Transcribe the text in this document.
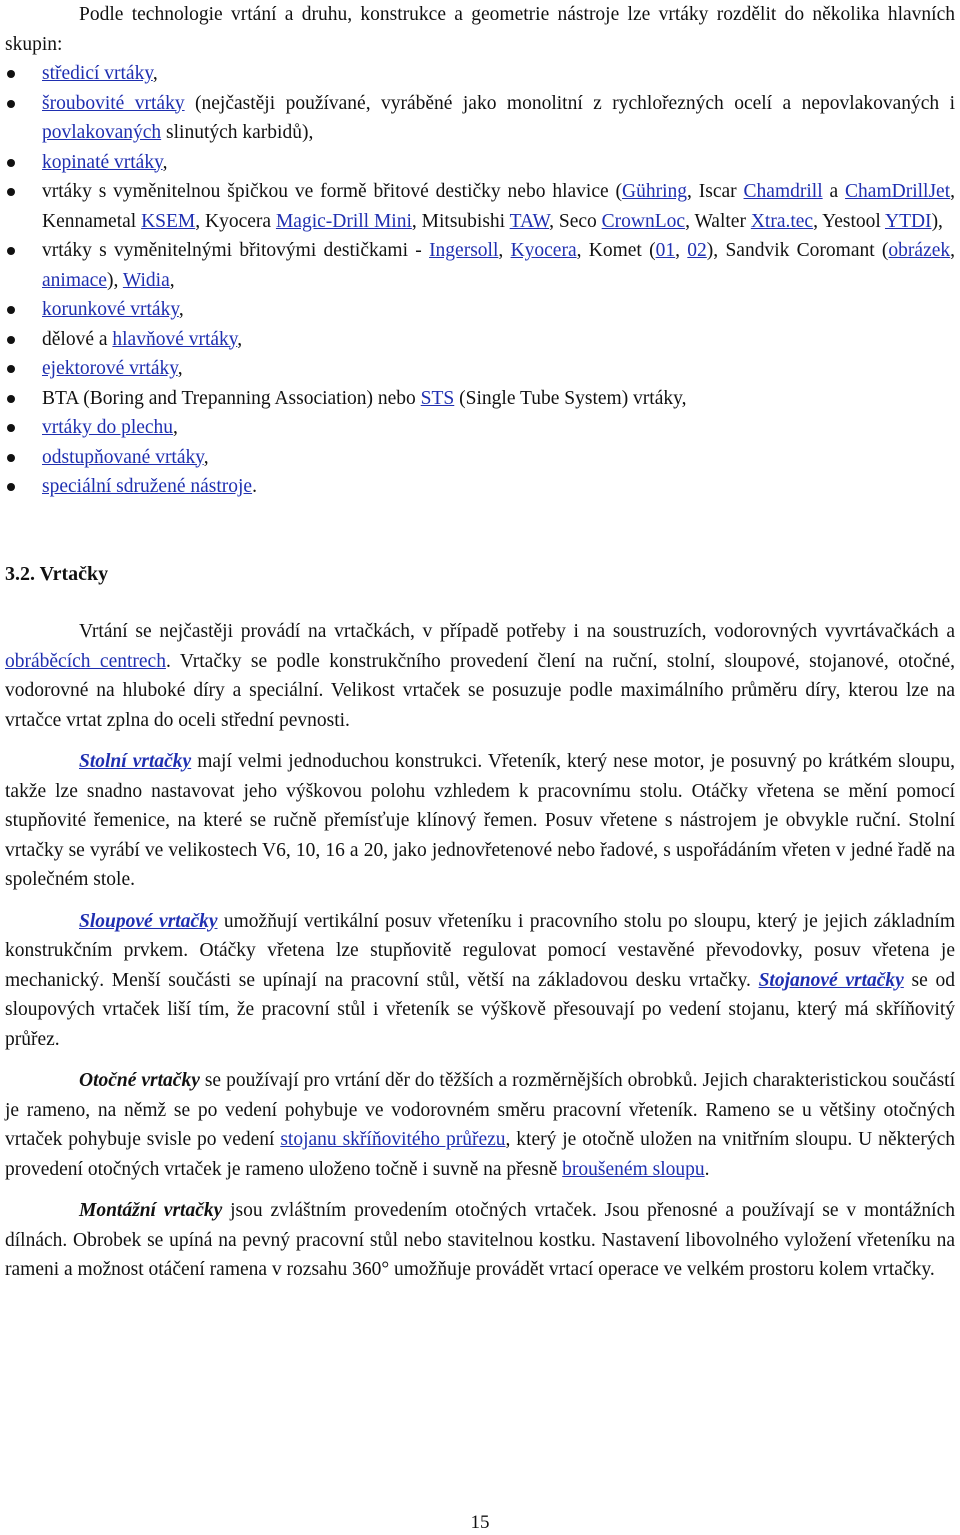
Podle technologie vrtání a druhu, konstrukce a geometrie nástroje lze vrtáky rozdělit do několika hlavních skupin:

středicí vrtáky,
šroubovité vrtáky (nejčastěji používané, vyráběné jako monolitní z rychlořezných ocelí a nepovlakovaných i povlakovaných slinutých karbidů),
kopinaté vrtáky,
vrtáky s vyměnitelnou špičkou ve formě břitové destičky nebo hlavice (Gühring, Iscar Chamdrill a ChamDrillJet, Kennametal KSEM, Kyocera Magic-Drill Mini, Mitsubishi TAW, Seco CrownLoc, Walter Xtra.tec, Yestool YTDI),
vrtáky s vyměnitelnými břitovými destičkami - Ingersoll, Kyocera, Komet (01, 02), Sandvik Coromant (obrázek, animace), Widia,
korunkové vrtáky,
dělové a hlavňové vrtáky,
ejektorové vrtáky,
BTA (Boring and Trepanning Association) nebo STS (Single Tube System) vrtáky,
vrtáky do plechu,
odstupňované vrtáky,
speciální sdružené nástroje.
3.2. Vrtačky

Vrtání se nejčastěji provádí na vrtačkách, v případě potřeby i na soustruzích, vodorovných vyvrtávačkách a obráběcích centrech. Vrtačky se podle konstrukčního provedení člení na ruční, stolní, sloupové, stojanové, otočné, vodorovné na hluboké díry a speciální. Velikost vrtaček se posuzuje podle maximálního průměru díry, kterou lze na vrtačce vrtat zplna do oceli střední pevnosti.

Stolní vrtačky mají velmi jednoduchou konstrukci. Vřeteník, který nese motor, je posuvný po krátkém sloupu, takže lze snadno nastavovat jeho výškovou polohu vzhledem k pracovnímu stolu. Otáčky vřetena se mění pomocí stupňovité řemenice, na které se ručně přemísťuje klínový řemen. Posuv vřetene s nástrojem je obvykle ruční. Stolní vrtačky se vyrábí ve velikostech V6, 10, 16 a 20, jako jednovřetenové nebo řadové, s uspořádáním vřeten v jedné řadě na společném stole.

Sloupové vrtačky umožňují vertikální posuv vřeteníku i pracovního stolu po sloupu, který je jejich základním konstrukčním prvkem. Otáčky vřetena lze stupňovitě regulovat pomocí vestavěné převodovky, posuv vřetena je mechanický. Menší součásti se upínají na pracovní stůl, větší na základovou desku vrtačky. Stojanové vrtačky se od sloupových vrtaček liší tím, že pracovní stůl i vřeteník se výškově přesouvají po vedení stojanu, který má skříňovitý průřez.

Otočné vrtačky se používají pro vrtání děr do těžších a rozměrnějších obrobků. Jejich charakteristickou součástí je rameno, na němž se po vedení pohybuje ve vodorovném směru pracovní vřeteník. Rameno se u většiny otočných vrtaček pohybuje svisle po vedení stojanu skříňovitého průřezu, který je otočně uložen na vnitřním sloupu. U některých provedení otočných vrtaček je rameno uloženo točně i suvně na přesně broušeném sloupu.

Montážní vrtačky jsou zvláštním provedením otočných vrtaček. Jsou přenosné a používají se v montážních dílnách. Obrobek se upíná na pevný pracovní stůl nebo stavitelnou kostku. Nastavení libovolného vyložení vřeteníku na rameni a možnost otáčení ramena v rozsahu 360° umožňuje provádět vrtací operace ve velkém prostoru kolem vrtačky.

15
